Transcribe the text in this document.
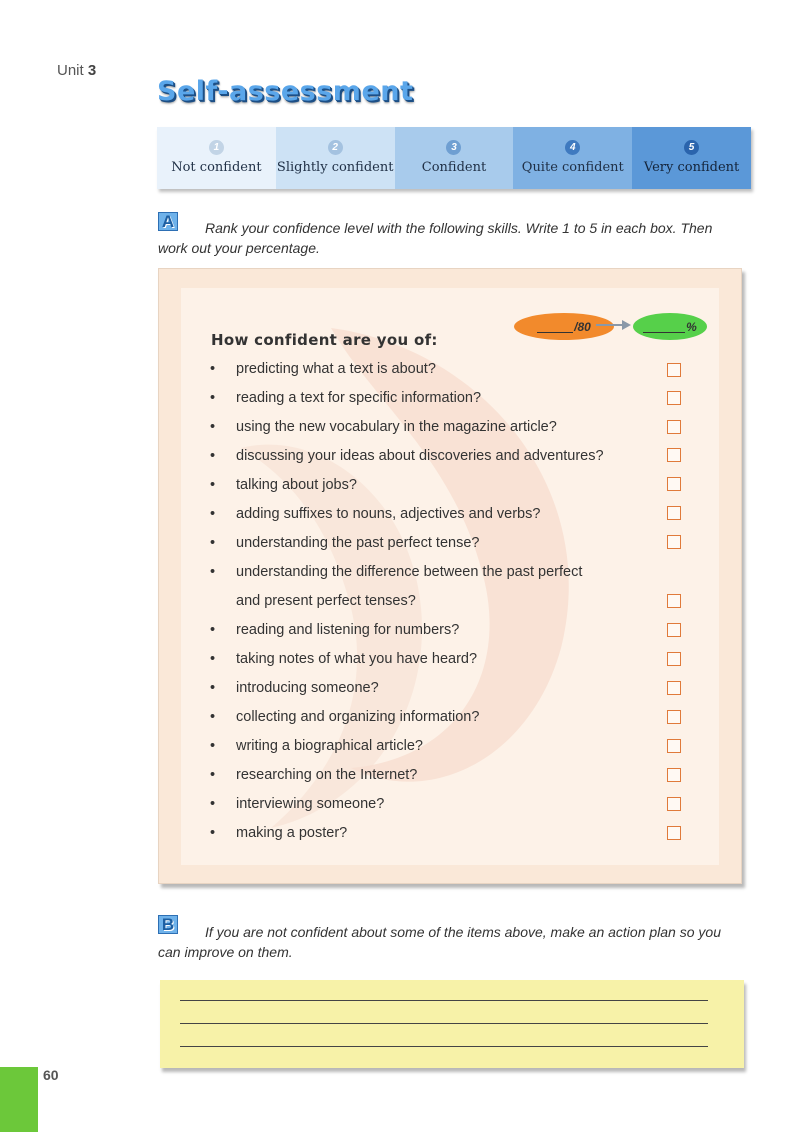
Unit 3
Self-assessment
1
Not confident
2
Slightly confident
3
Confident
4
Quite confident
5
Very confident
A Rank your confidence level with the following skills. Write 1 to 5 in each box. Then
work out your percentage.
/80	%
How confident are you of:
• predicting what a text is about?
• reading a text for specific information?
• using the new vocabulary in the magazine article?
• discussing your ideas about discoveries and adventures?
• talking about jobs?
• adding suffixes to nouns, adjectives and verbs?
• understanding the past perfect tense?
• understanding the difference between the past perfect
• reading and listening for numbers?
• taking notes of what you have heard?
• introducing someone?
• collecting and organizing information?
• writing a biographical article?
• researching on the Internet?
• interviewing someone?
• making a poster?
and present perfect tenses?
B If you are not confident about some of the items above, make an action plan so you
can improve on them.
60
